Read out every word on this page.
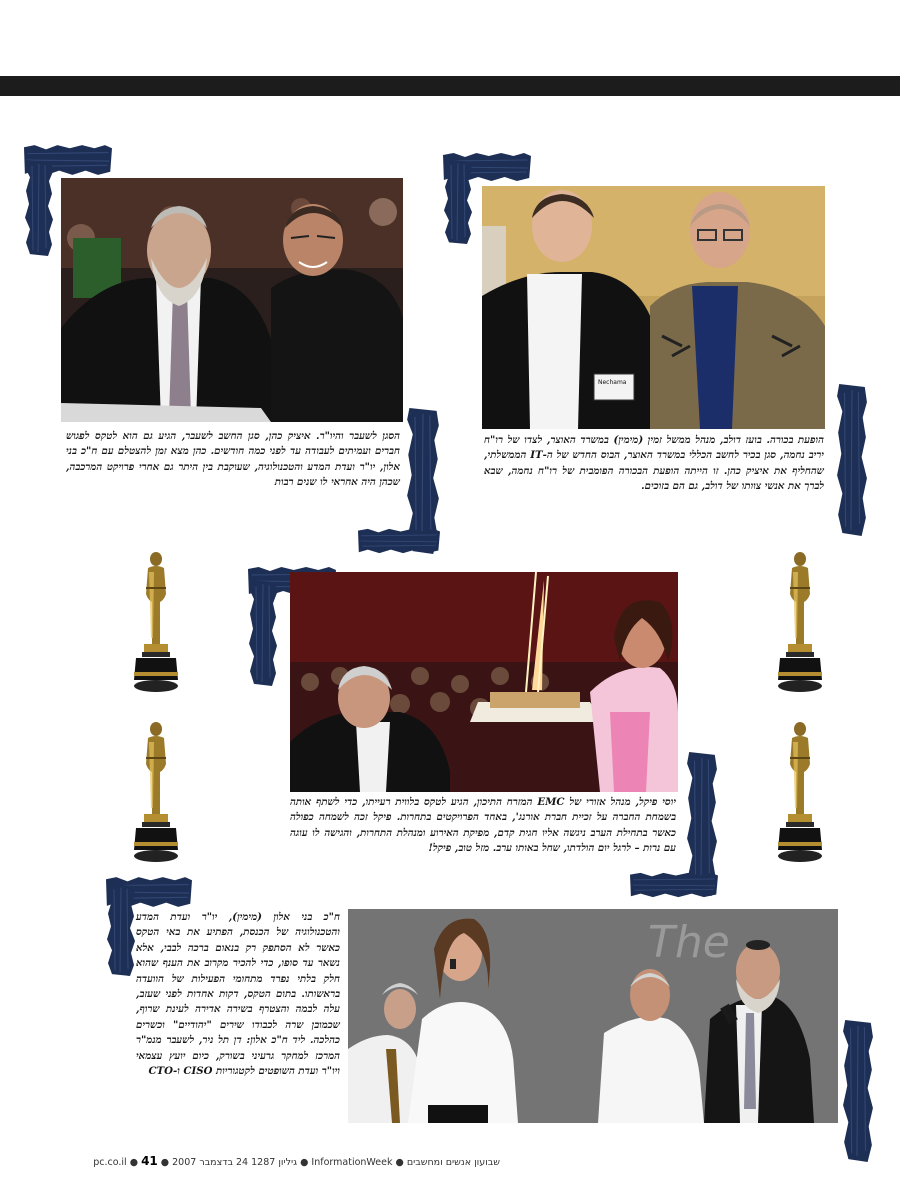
Nechama
The

הסגן לשעבר והיו"ר. איציק כהן, סגן החשב לשעבר, הגיע גם הוא לטקס לפגוש חברים ועמיתים לעבודה עד לפני כמה חודשים. כהן מצא זמן להצטלם עם ח"כ בני אלון, יו"ר ועדת המדע והטכנולוגיה, שעוקבת בין היתר גם אחרי פרויקט המרכבה, שכהן היה אחראי לו שנים רבות

הופעת בכורה. בועז דולב, מנהל ממשל זמין (מימין) במשרד האוצר, לצדו של רו"ח יריב נחמה, סגן בכיר לחשב הכללי במשרד האוצר, הבוס החדש של ה-IT הממשלתי, שהחליף את איציק כהן. זו הייתה הופעת הבכורה הפומבית של רו"ח נחמה, שבא לברך את אנשי צוותו של דולב, גם הם בזוכים.

יוסי פיקל, מנהל אזורי של EMC המזרח התיכון, הגיע לטקס בלווית רעייתו, כדי לשתף אותה בשמחת החברה על זכיית חברת אורנג', באחד הפרויקטים בתחרות. פיקל זכה לשמחה כפולה כאשר בתחילת הערב ניגשה אליו חגית קדם, מפיקת האירוע ומנהלת התחרות, והגישה לו עוגה עם נרות – לרגל יום הולדתו, שחל באותו ערב. מזל טוב, פיקל!

ח"כ בני אלון (מימין), יו"ר ועדת המדע והטכנולוגיה של הכנסת, הפתיע את באי הטקס כאשר לא הסתפק רק בנאום ברכה לבבי, אלא נשאר עד סופו, כדי להכיר מקרוב את הענף שהוא חלק בלתי נפרד מתחומי הפעילות של הוועדה בראשותו. בתום הטקס, דקות אחדות לפני שעזב, עלה לבמה והצטרף בשירה אדירה לעינת שרוף, שכמובן שרה לכבודו שירים "יהודיים" וכשרים כהלכה. ליד ח"כ אלון: דן תל ניר, לשעבר מנמ"ר המרכז למחקר גרעיני בשורק, כיום יועץ עצמאי ויו"ר ועדת השופטים לקטגוריות CISO ו-CTO

שבועון אנשים ומחשבים ● InformationWeek ● גיליון 1287 24 בדצמבר 2007 ● pc.co.il ● 41
